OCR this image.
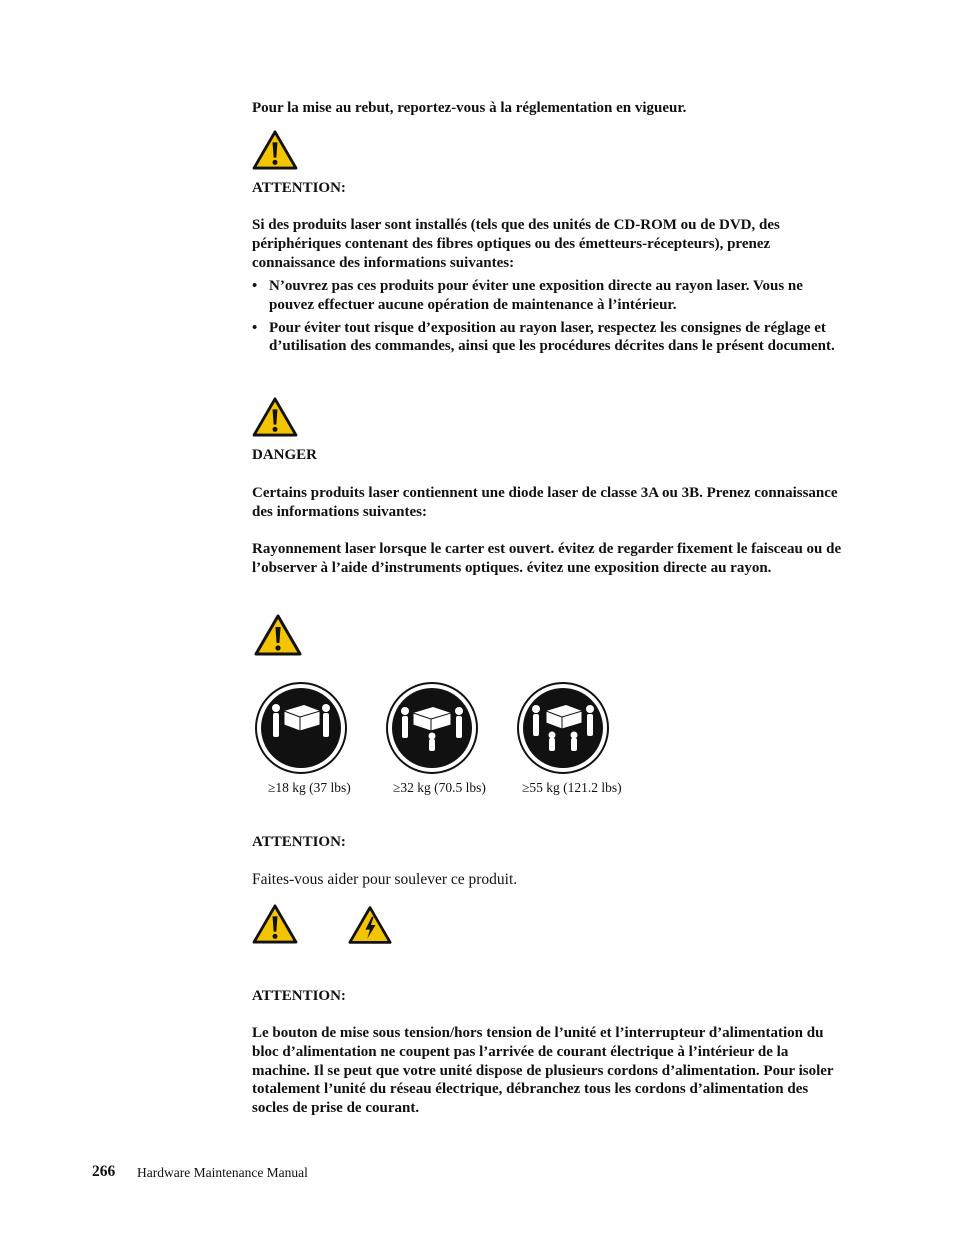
Pour la mise au rebut, reportez-vous à la réglementation en vigueur.
ATTENTION:
Si des produits laser sont installés (tels que des unités de CD-ROM ou de DVD, des périphériques contenant des fibres optiques ou des émetteurs-récepteurs), prenez connaissance des informations suivantes:
• N’ouvrez pas ces produits pour éviter une exposition directe au rayon laser. Vous ne pouvez effectuer aucune opération de maintenance à l’intérieur.
• Pour éviter tout risque d’exposition au rayon laser, respectez les consignes de réglage et d’utilisation des commandes, ainsi que les procédures décrites dans le présent document.
DANGER
Certains produits laser contiennent une diode laser de classe 3A ou 3B. Prenez connaissance des informations suivantes:
Rayonnement laser lorsque le carter est ouvert. évitez de regarder fixement le faisceau ou de l’observer à l’aide d’instruments optiques. évitez une exposition directe au rayon.
≥18 kg (37 lbs)	≥32 kg (70.5 lbs)	≥55 kg (121.2 lbs)
ATTENTION:
Faites-vous aider pour soulever ce produit.
ATTENTION:
Le bouton de mise sous tension/hors tension de l’unité et l’interrupteur d’alimentation du bloc d’alimentation ne coupent pas l’arrivée de courant électrique à l’intérieur de la machine. Il se peut que votre unité dispose de plusieurs cordons d’alimentation. Pour isoler totalement l’unité du réseau électrique, débranchez tous les cordons d’alimentation des socles de prise de courant.
266 Hardware Maintenance Manual
